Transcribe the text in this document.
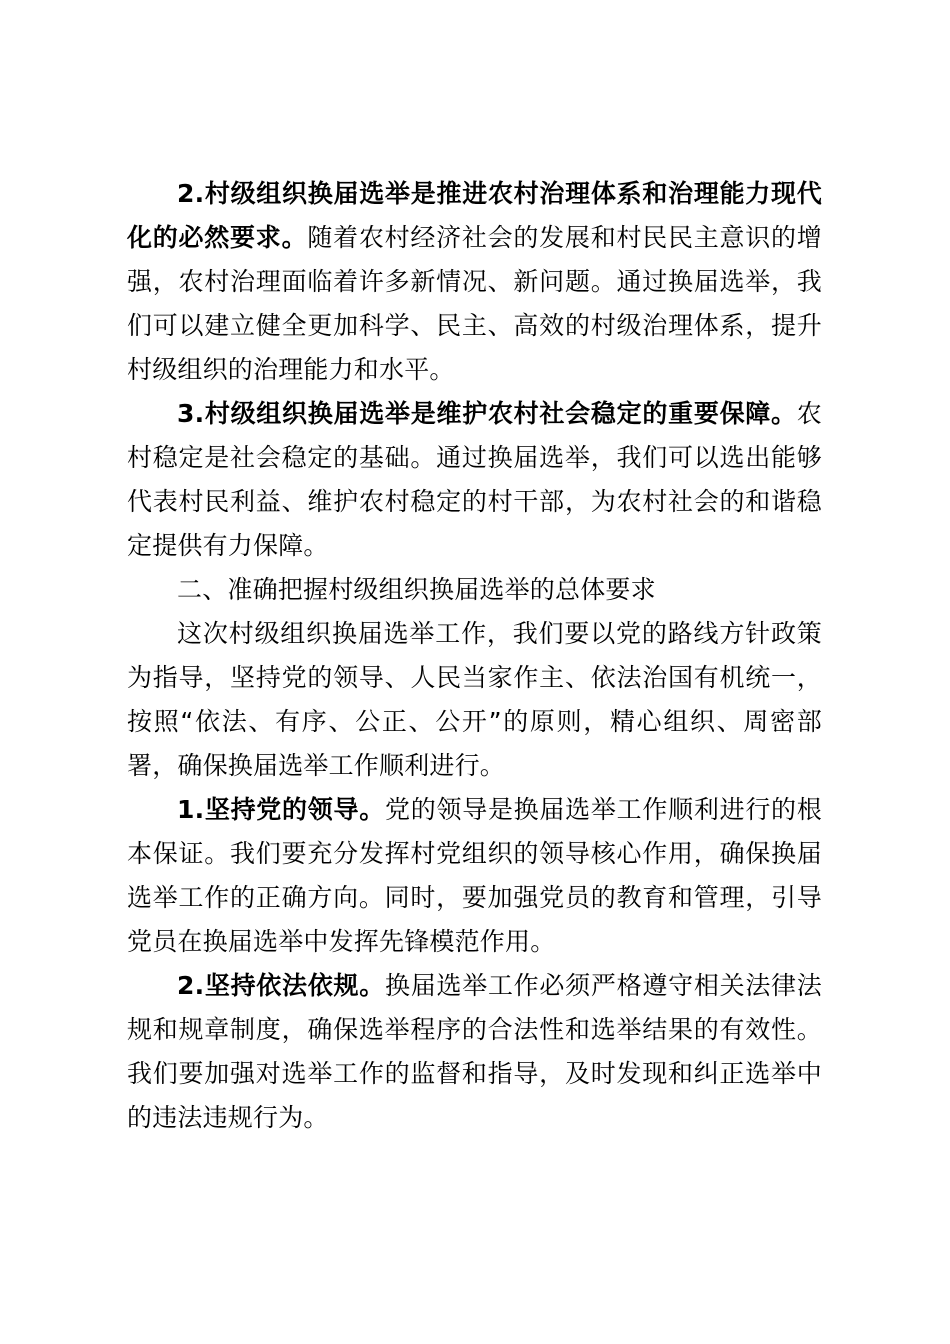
2.村级组织换届选举是推进农村治理体系和治理能力现代化的必然要求。随着农村经济社会的发展和村民民主意识的增强，农村治理面临着许多新情况、新问题。通过换届选举，我们可以建立健全更加科学、民主、高效的村级治理体系，提升村级组织的治理能力和水平。

3.村级组织换届选举是维护农村社会稳定的重要保障。农村稳定是社会稳定的基础。通过换届选举，我们可以选出能够代表村民利益、维护农村稳定的村干部，为农村社会的和谐稳定提供有力保障。

二、准确把握村级组织换届选举的总体要求

这次村级组织换届选举工作，我们要以党的路线方针政策为指导，坚持党的领导、人民当家作主、依法治国有机统一，按照“依法、有序、公正、公开”的原则，精心组织、周密部署，确保换届选举工作顺利进行。

1.坚持党的领导。党的领导是换届选举工作顺利进行的根本保证。我们要充分发挥村党组织的领导核心作用，确保换届选举工作的正确方向。同时，要加强党员的教育和管理，引导党员在换届选举中发挥先锋模范作用。

2.坚持依法依规。换届选举工作必须严格遵守相关法律法规和规章制度，确保选举程序的合法性和选举结果的有效性。我们要加强对选举工作的监督和指导，及时发现和纠正选举中的违法违规行为。
